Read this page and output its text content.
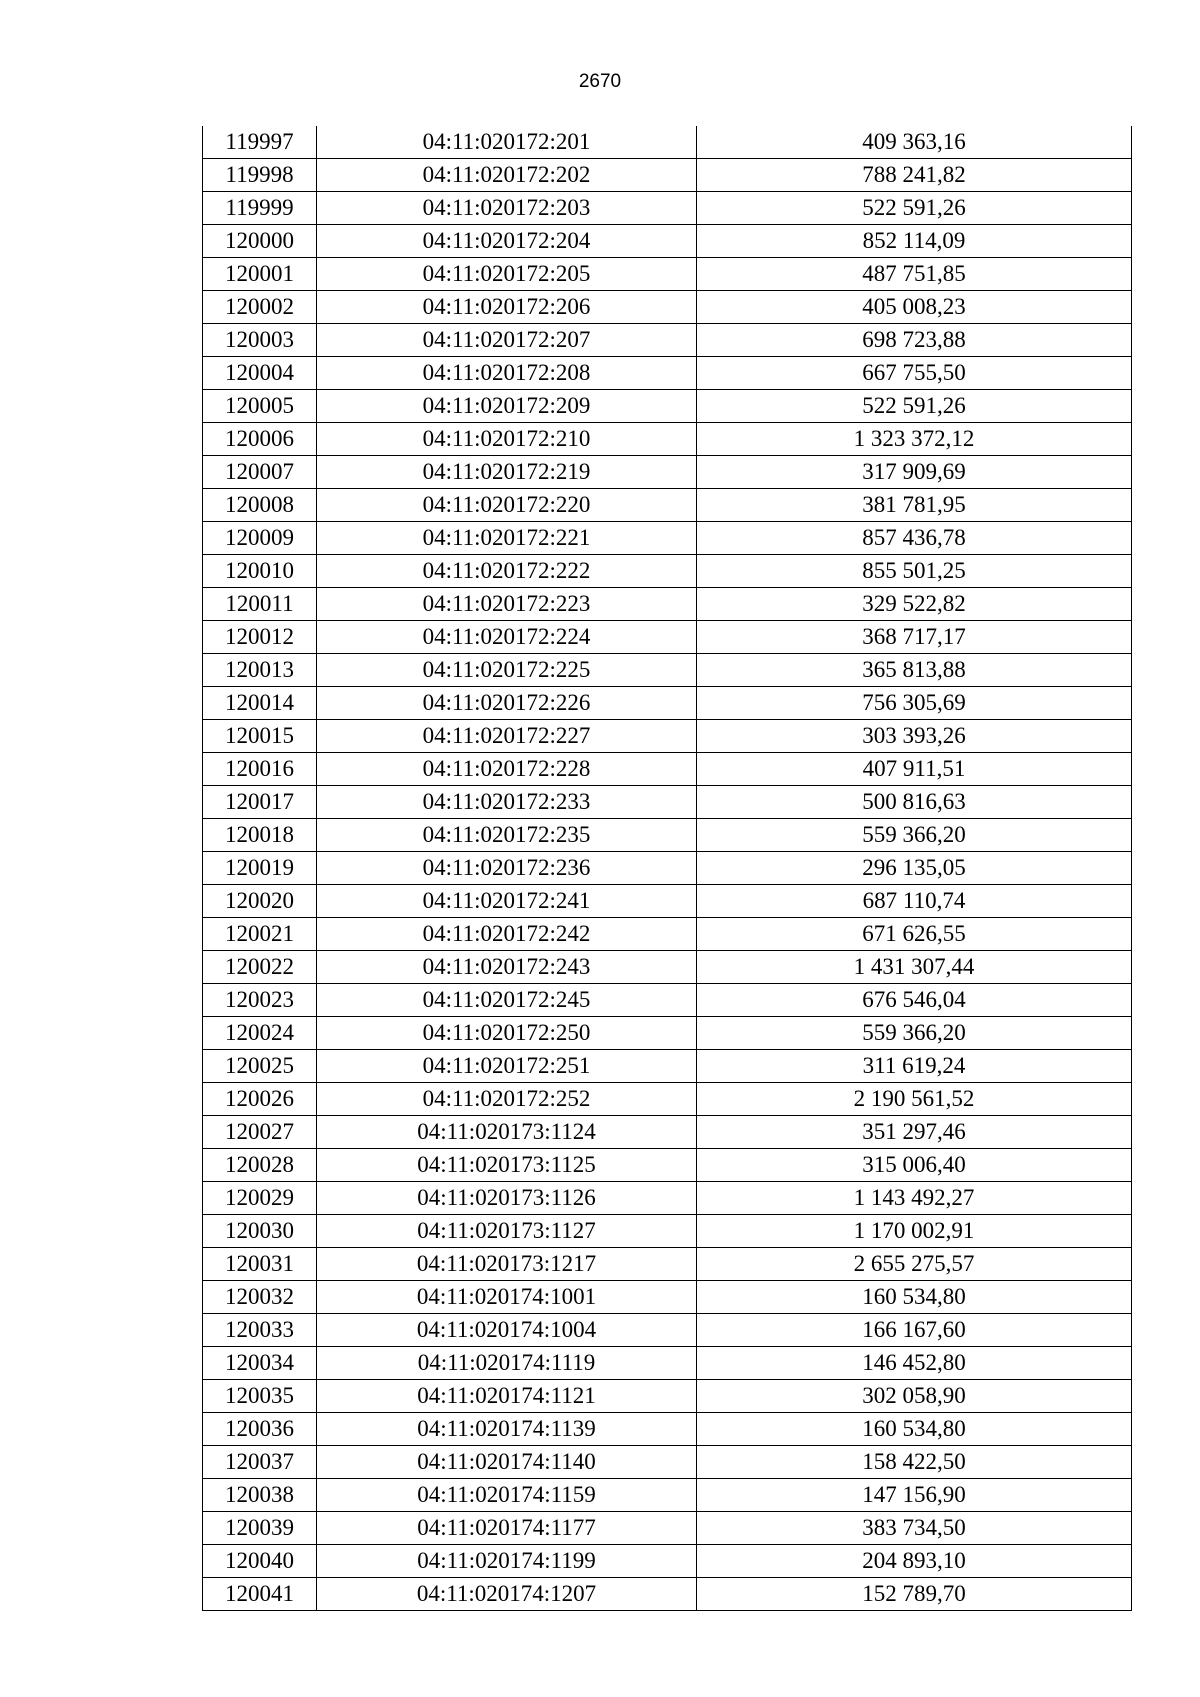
2670
119997	04:11:020172:201	409 363,16
119998	04:11:020172:202	788 241,82
119999	04:11:020172:203	522 591,26
120000	04:11:020172:204	852 114,09
120001	04:11:020172:205	487 751,85
120002	04:11:020172:206	405 008,23
120003	04:11:020172:207	698 723,88
120004	04:11:020172:208	667 755,50
120005	04:11:020172:209	522 591,26
120006	04:11:020172:210	1 323 372,12
120007	04:11:020172:219	317 909,69
120008	04:11:020172:220	381 781,95
120009	04:11:020172:221	857 436,78
120010	04:11:020172:222	855 501,25
120011	04:11:020172:223	329 522,82
120012	04:11:020172:224	368 717,17
120013	04:11:020172:225	365 813,88
120014	04:11:020172:226	756 305,69
120015	04:11:020172:227	303 393,26
120016	04:11:020172:228	407 911,51
120017	04:11:020172:233	500 816,63
120018	04:11:020172:235	559 366,20
120019	04:11:020172:236	296 135,05
120020	04:11:020172:241	687 110,74
120021	04:11:020172:242	671 626,55
120022	04:11:020172:243	1 431 307,44
120023	04:11:020172:245	676 546,04
120024	04:11:020172:250	559 366,20
120025	04:11:020172:251	311 619,24
120026	04:11:020172:252	2 190 561,52
120027	04:11:020173:1124	351 297,46
120028	04:11:020173:1125	315 006,40
120029	04:11:020173:1126	1 143 492,27
120030	04:11:020173:1127	1 170 002,91
120031	04:11:020173:1217	2 655 275,57
120032	04:11:020174:1001	160 534,80
120033	04:11:020174:1004	166 167,60
120034	04:11:020174:1119	146 452,80
120035	04:11:020174:1121	302 058,90
120036	04:11:020174:1139	160 534,80
120037	04:11:020174:1140	158 422,50
120038	04:11:020174:1159	147 156,90
120039	04:11:020174:1177	383 734,50
120040	04:11:020174:1199	204 893,10
120041	04:11:020174:1207	152 789,70
